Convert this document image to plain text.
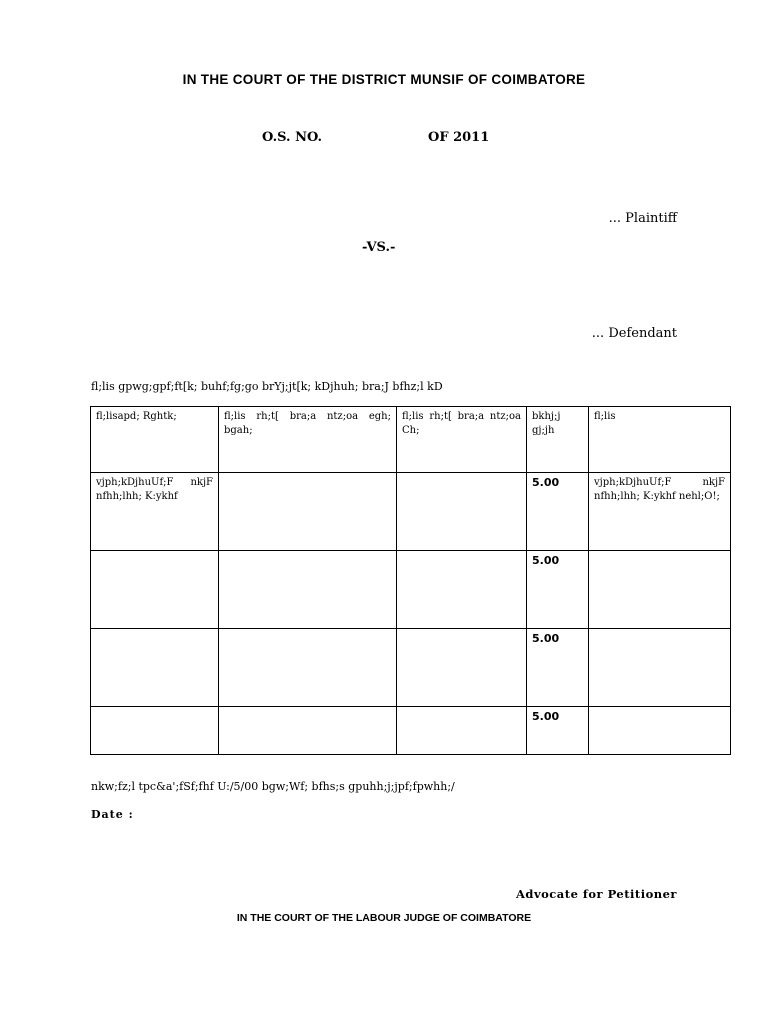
IN THE COURT OF THE DISTRICT MUNSIF OF COIMBATORE

O.S. NO.	OF 2011

... Plaintiff

-VS.-

... Defendant

fl;lis gpwg;gpf;ft[k; buhf;fg;go brYj;jt[k; kDjhuh; bra;J bfhz;l kD

fl;lisapd; Rghtk;	fl;lis rh;t[ bra;a ntz;oa egh; bgah;	fl;lis rh;t[ bra;a ntz;oa Ch;	bkhj;j gj;jh	fl;lis
vjph;kDjhuUf;F nkjF nfhh;lhh; K:ykhf			5.00	vjph;kDjhuUf;F nkjF nfhh;lhh; K:ykhf nehl;O!;
			5.00	
			5.00	
			5.00	

nkw;fz;l tpc&a';fSf;fhf U:/5/00 bgw;Wf; bfhs;s gpuhh;j;jpf;fpwhh;/

Date :

Advocate for Petitioner

IN THE COURT OF THE LABOUR JUDGE OF COIMBATORE
